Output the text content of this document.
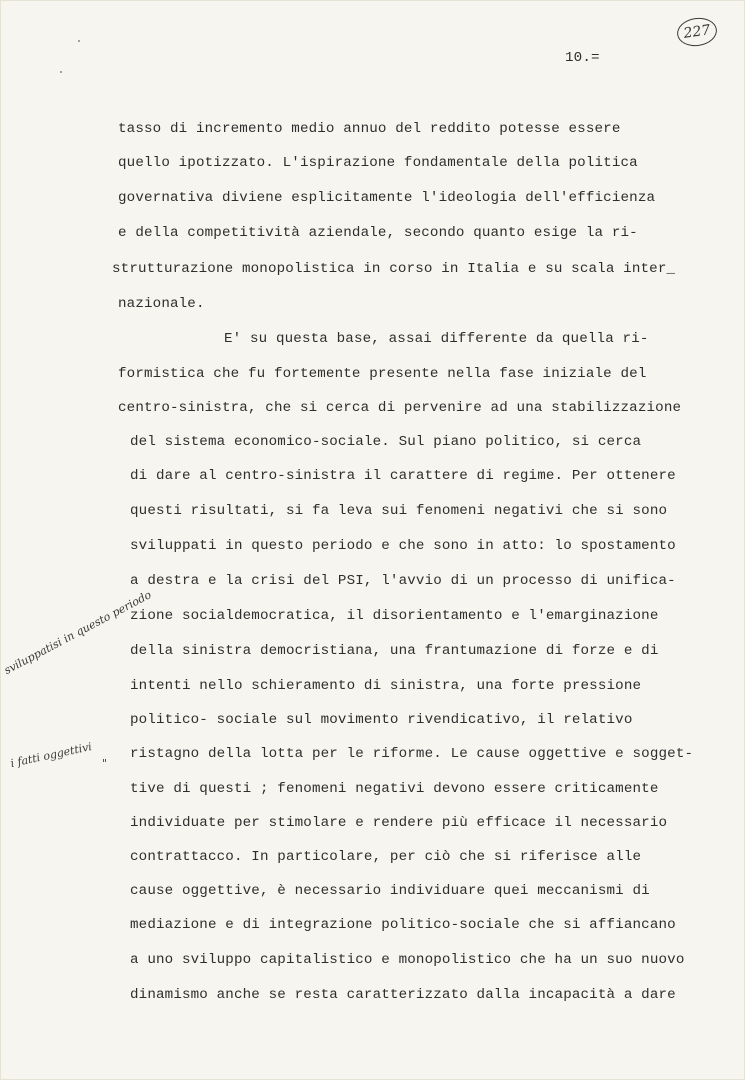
227
10.=
tasso di incremento medio annuo del reddito potesse essere
quello ipotizzato. L'ispirazione fondamentale della politica
governativa diviene esplicitamente l'ideologia dell'efficienza
e della competitività aziendale, secondo quanto esige la ri-
strutturazione monopolistica in corso in Italia e su scala inter_
nazionale.
E' su questa base, assai differente da quella ri-
formistica che fu fortemente presente nella fase iniziale del
centro-sinistra, che si cerca di pervenire ad una stabilizzazione
del sistema economico-sociale. Sul piano politico, si cerca
di dare al centro-sinistra il carattere di regime. Per ottenere
questi risultati, si fa leva sui fenomeni negativi che si sono
sviluppati in questo periodo e che sono in atto: lo spostamento
a destra e la crisi del PSI, l'avvio di un processo di unifica-
zione socialdemocratica, il disorientamento e l'emarginazione
della sinistra democristiana, una frantumazione di forze e di
intenti nello schieramento di sinistra, una forte pressione
politico- sociale sul movimento rivendicativo, il relativo
ristagno della lotta per le riforme. Le cause oggettive e sogget-
tive di questi ; fenomeni negativi devono essere criticamente
individuate per stimolare e rendere più efficace il necessario
contrattacco. In particolare, per ciò che si riferisce alle
cause oggettive, è necessario individuare quei meccanismi di
mediazione e di integrazione politico-sociale che si affiancano
a uno sviluppo capitalistico e monopolistico che ha un suo nuovo
dinamismo anche se resta caratterizzato dalla incapacità a dare
sviluppatisi in questo periodo
i fatti oggettivi "
